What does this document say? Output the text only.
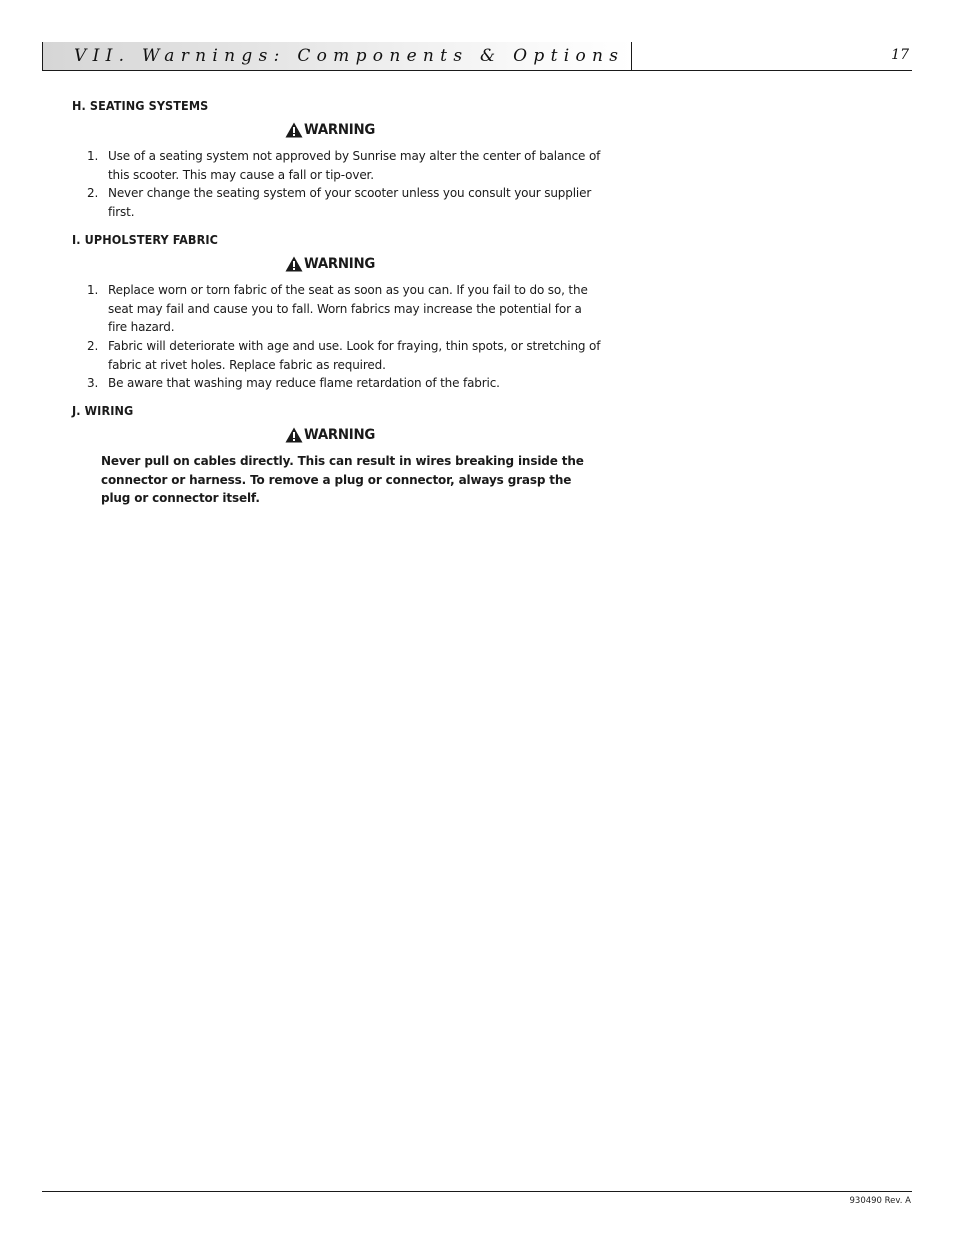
VII. Warnings: Components & Options	17
H. SEATING SYSTEMS
WARNING
1. Use of a seating system not approved by Sunrise may alter the center of balance of this scooter. This may cause a fall or tip-over.
2. Never change the seating system of your scooter unless you consult your supplier first.
I. UPHOLSTERY FABRIC
WARNING
1. Replace worn or torn fabric of the seat as soon as you can. If you fail to do so, the seat may fail and cause you to fall. Worn fabrics may increase the potential for a fire hazard.
2. Fabric will deteriorate with age and use. Look for fraying, thin spots, or stretching of fabric at rivet holes. Replace fabric as required.
3. Be aware that washing may reduce flame retardation of the fabric.
J. WIRING
WARNING

Never pull on cables directly. This can result in wires breaking inside the connector or harness. To remove a plug or connector, always grasp the plug or connector itself.

930490 Rev. A
